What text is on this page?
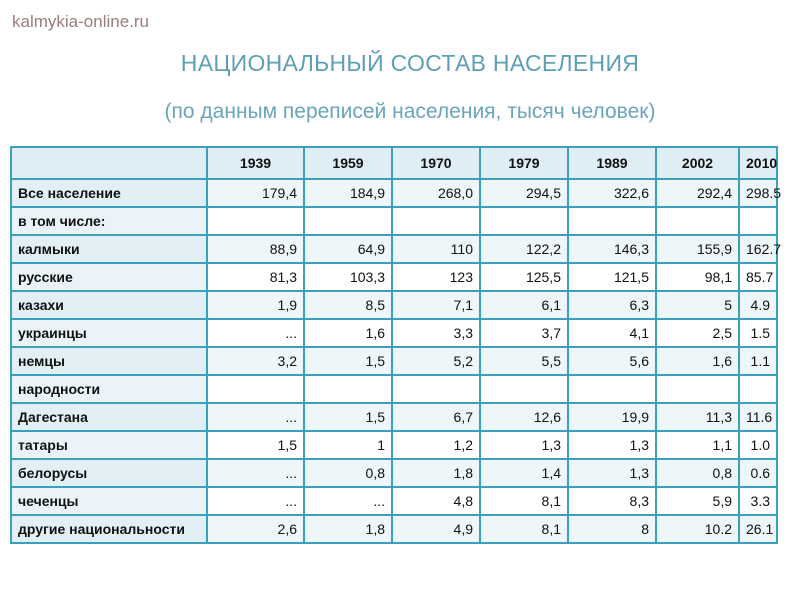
kalmykia-online.ru
НАЦИОНАЛЬНЫЙ СОСТАВ НАСЕЛЕНИЯ
(по данным переписей населения, тысяч человек)
	1939	1959	1970	1979	1989	2002	2010
Все население	179,4	184,9	268,0	294,5	322,6	292,4	298.5
в том числе:							
калмыки	88,9	64,9	110	122,2	146,3	155,9	162.7
русские	81,3	103,3	123	125,5	121,5	98,1	85.7
казахи	1,9	8,5	7,1	6,1	6,3	5	4.9
украинцы	...	1,6	3,3	3,7	4,1	2,5	1.5
немцы	3,2	1,5	5,2	5,5	5,6	1,6	1.1
народности							
Дагестана	...	1,5	6,7	12,6	19,9	11,3	11.6
татары	1,5	1	1,2	1,3	1,3	1,1	1.0
белорусы	...	0,8	1,8	1,4	1,3	0,8	0.6
чеченцы	...	...	4,8	8,1	8,3	5,9	3.3
другие национальности	2,6	1,8	4,9	8,1	8	10.2	26.1
